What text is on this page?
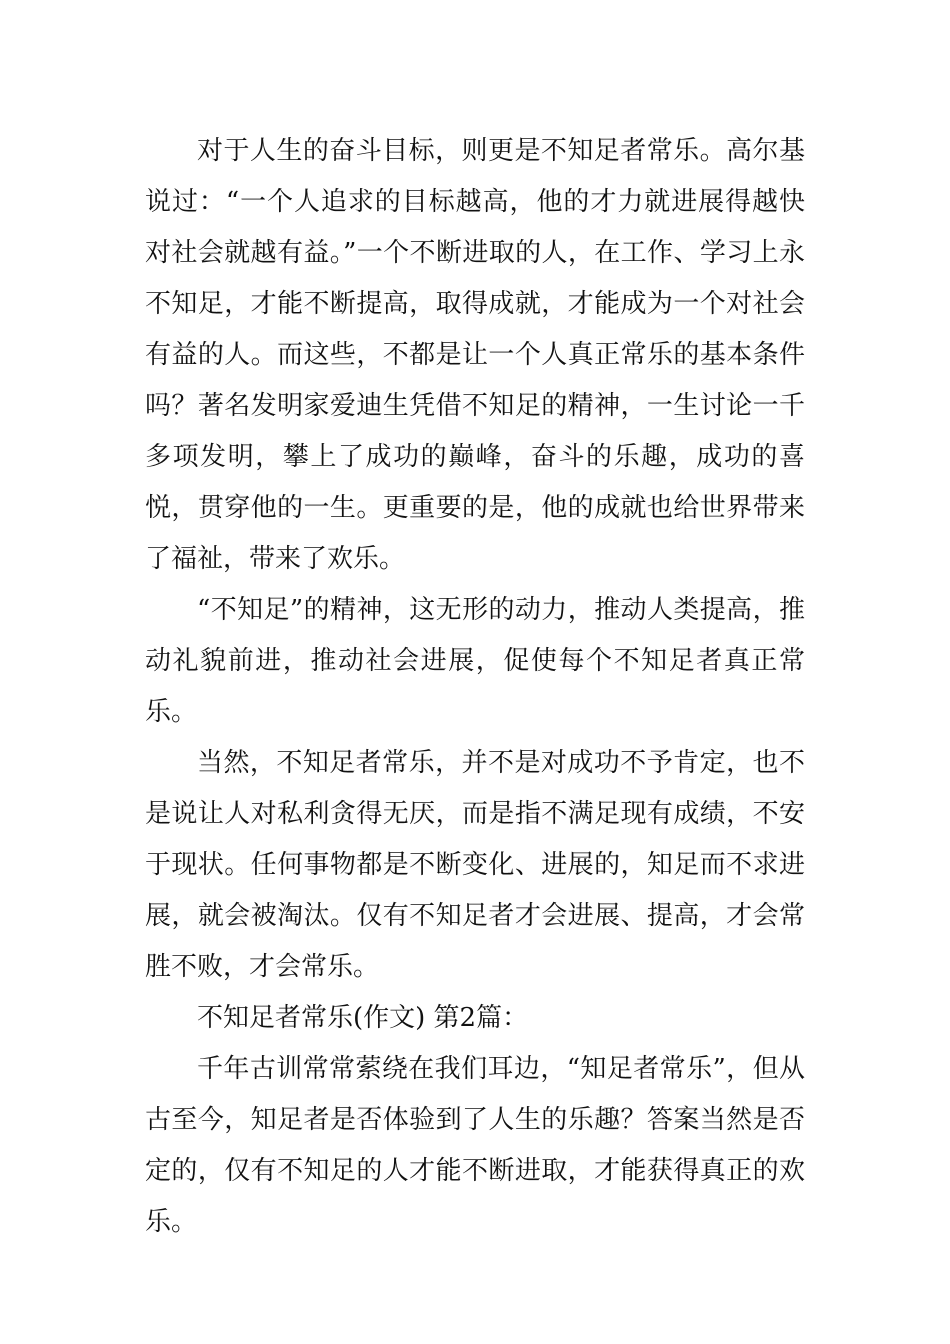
对于人生的奋斗目标，则更是不知足者常乐。高尔基说过：“一个人追求的目标越高，他的才力就进展得越快对社会就越有益。”一个不断进取的人，在工作、学习上永不知足，才能不断提高，取得成就，才能成为一个对社会有益的人。而这些，不都是让一个人真正常乐的基本条件吗？著名发明家爱迪生凭借不知足的精神，一生讨论一千多项发明，攀上了成功的巅峰，奋斗的乐趣，成功的喜悦，贯穿他的一生。更重要的是，他的成就也给世界带来了福祉，带来了欢乐。

“不知足”的精神，这无形的动力，推动人类提高，推动礼貌前进，推动社会进展，促使每个不知足者真正常乐。

当然，不知足者常乐，并不是对成功不予肯定，也不是说让人对私利贪得无厌，而是指不满足现有成绩，不安于现状。任何事物都是不断变化、进展的，知足而不求进展，就会被淘汰。仅有不知足者才会进展、提高，才会常胜不败，才会常乐。

不知足者常乐(作文) 第2篇：

千年古训常常萦绕在我们耳边，“知足者常乐”，但从古至今，知足者是否体验到了人生的乐趣？答案当然是否定的，仅有不知足的人才能不断进取，才能获得真正的欢乐。
